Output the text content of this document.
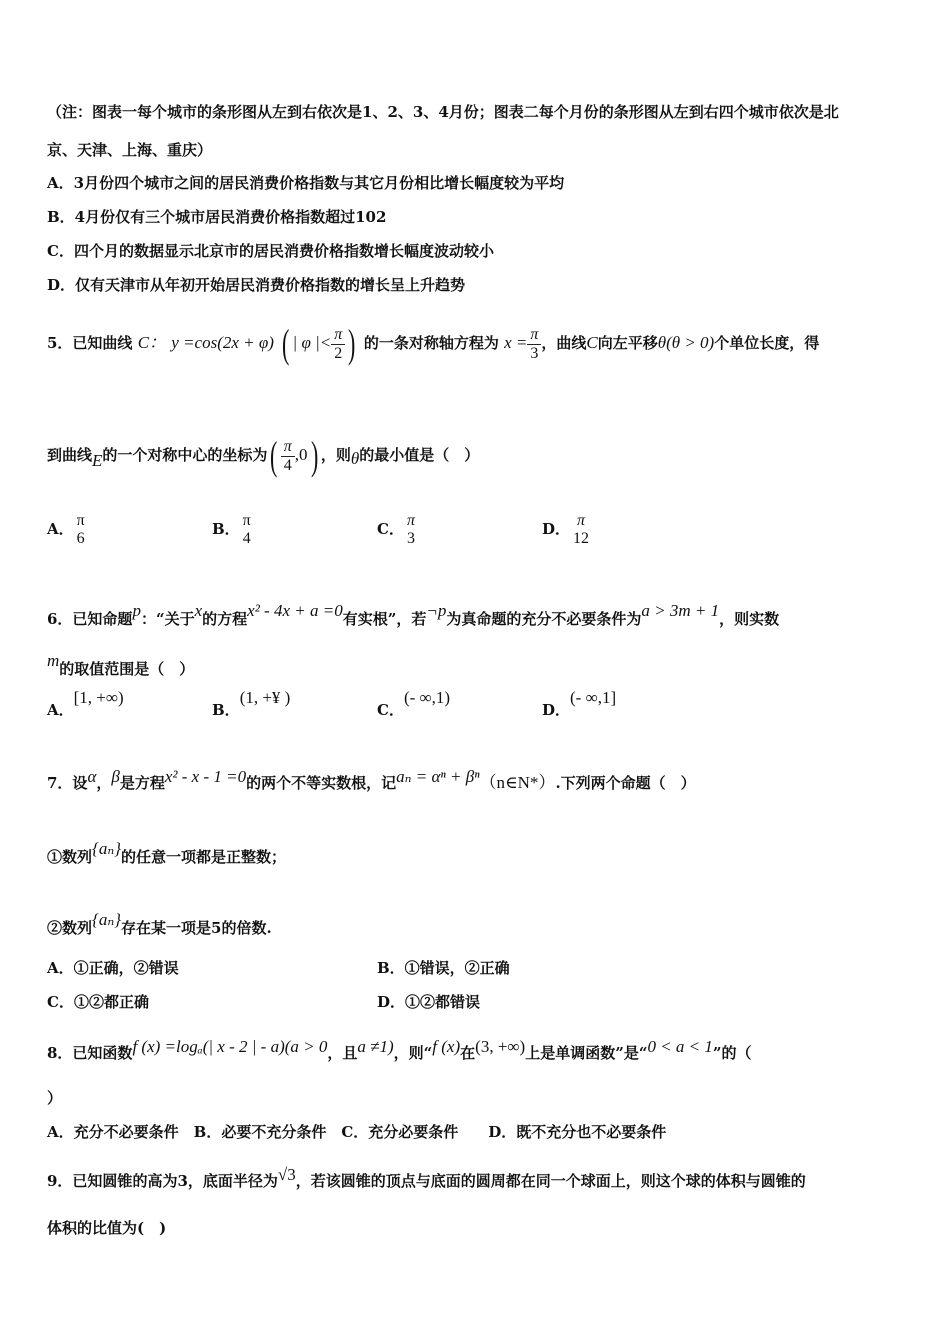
（注：图表一每个城市的条形图从左到右依次是1、2、3、4月份；图表二每个月份的条形图从左到右四个城市依次是北
京、天津、上海、重庆）
A．3月份四个城市之间的居民消费价格指数与其它月份相比增长幅度较为平均
B．4月份仅有三个城市居民消费价格指数超过102
C．四个月的数据显示北京市的居民消费价格指数增长幅度波动较小
D．仅有天津市从年初开始居民消费价格指数的增长呈上升趋势
5．已知曲线 C： y =cos(2x + φ) ( | φ |< $\frac{\pi}{2}$ ) 的一条对称轴方程为 $x = \frac{\pi}{3}$ ，曲线C向左平移θ(θ > 0)个单位长度，得
到曲线E的一个对称中心的坐标为( $\frac{\pi}{4} ,0$) ，则θ的最小值是（　）
A． π
6
B． π
4
C． π
3
D． π
12
6．已知命题p：“关于x的方程x² - 4x + a =0有实根”，若¬p为真命题的充分不必要条件为a > 3m + 1，则实数
m的取值范围是（　）
A．[1, +∞)
B．(1, +¥ )
C．(- ∞,1)
D．(- ∞,1]
7．设α，β是方程x² - x - 1 =0的两个不等实数根，记aₙ = αⁿ + βⁿ（n∈N*）.下列两个命题（　）
①数列{aₙ}的任意一项都是正整数；
②数列{aₙ}存在某一项是5的倍数.
A．①正确，②错误	B．①错误，②正确
C．①②都正确	D．①②都错误
8．已知函数f (x) =logₐ(| x - 2 | - a)(a > 0，且a ≠1)，则“f (x)在(3, +∞)上是单调函数”是“0 < a < 1”的（
）
A．充分不必要条件　B．必要不充分条件　C．充分必要条件　　D．既不充分也不必要条件
9．已知圆锥的高为3，底面半径为√3，若该圆锥的顶点与底面的圆周都在同一个球面上，则这个球的体积与圆锥的
体积的比值为(　)
